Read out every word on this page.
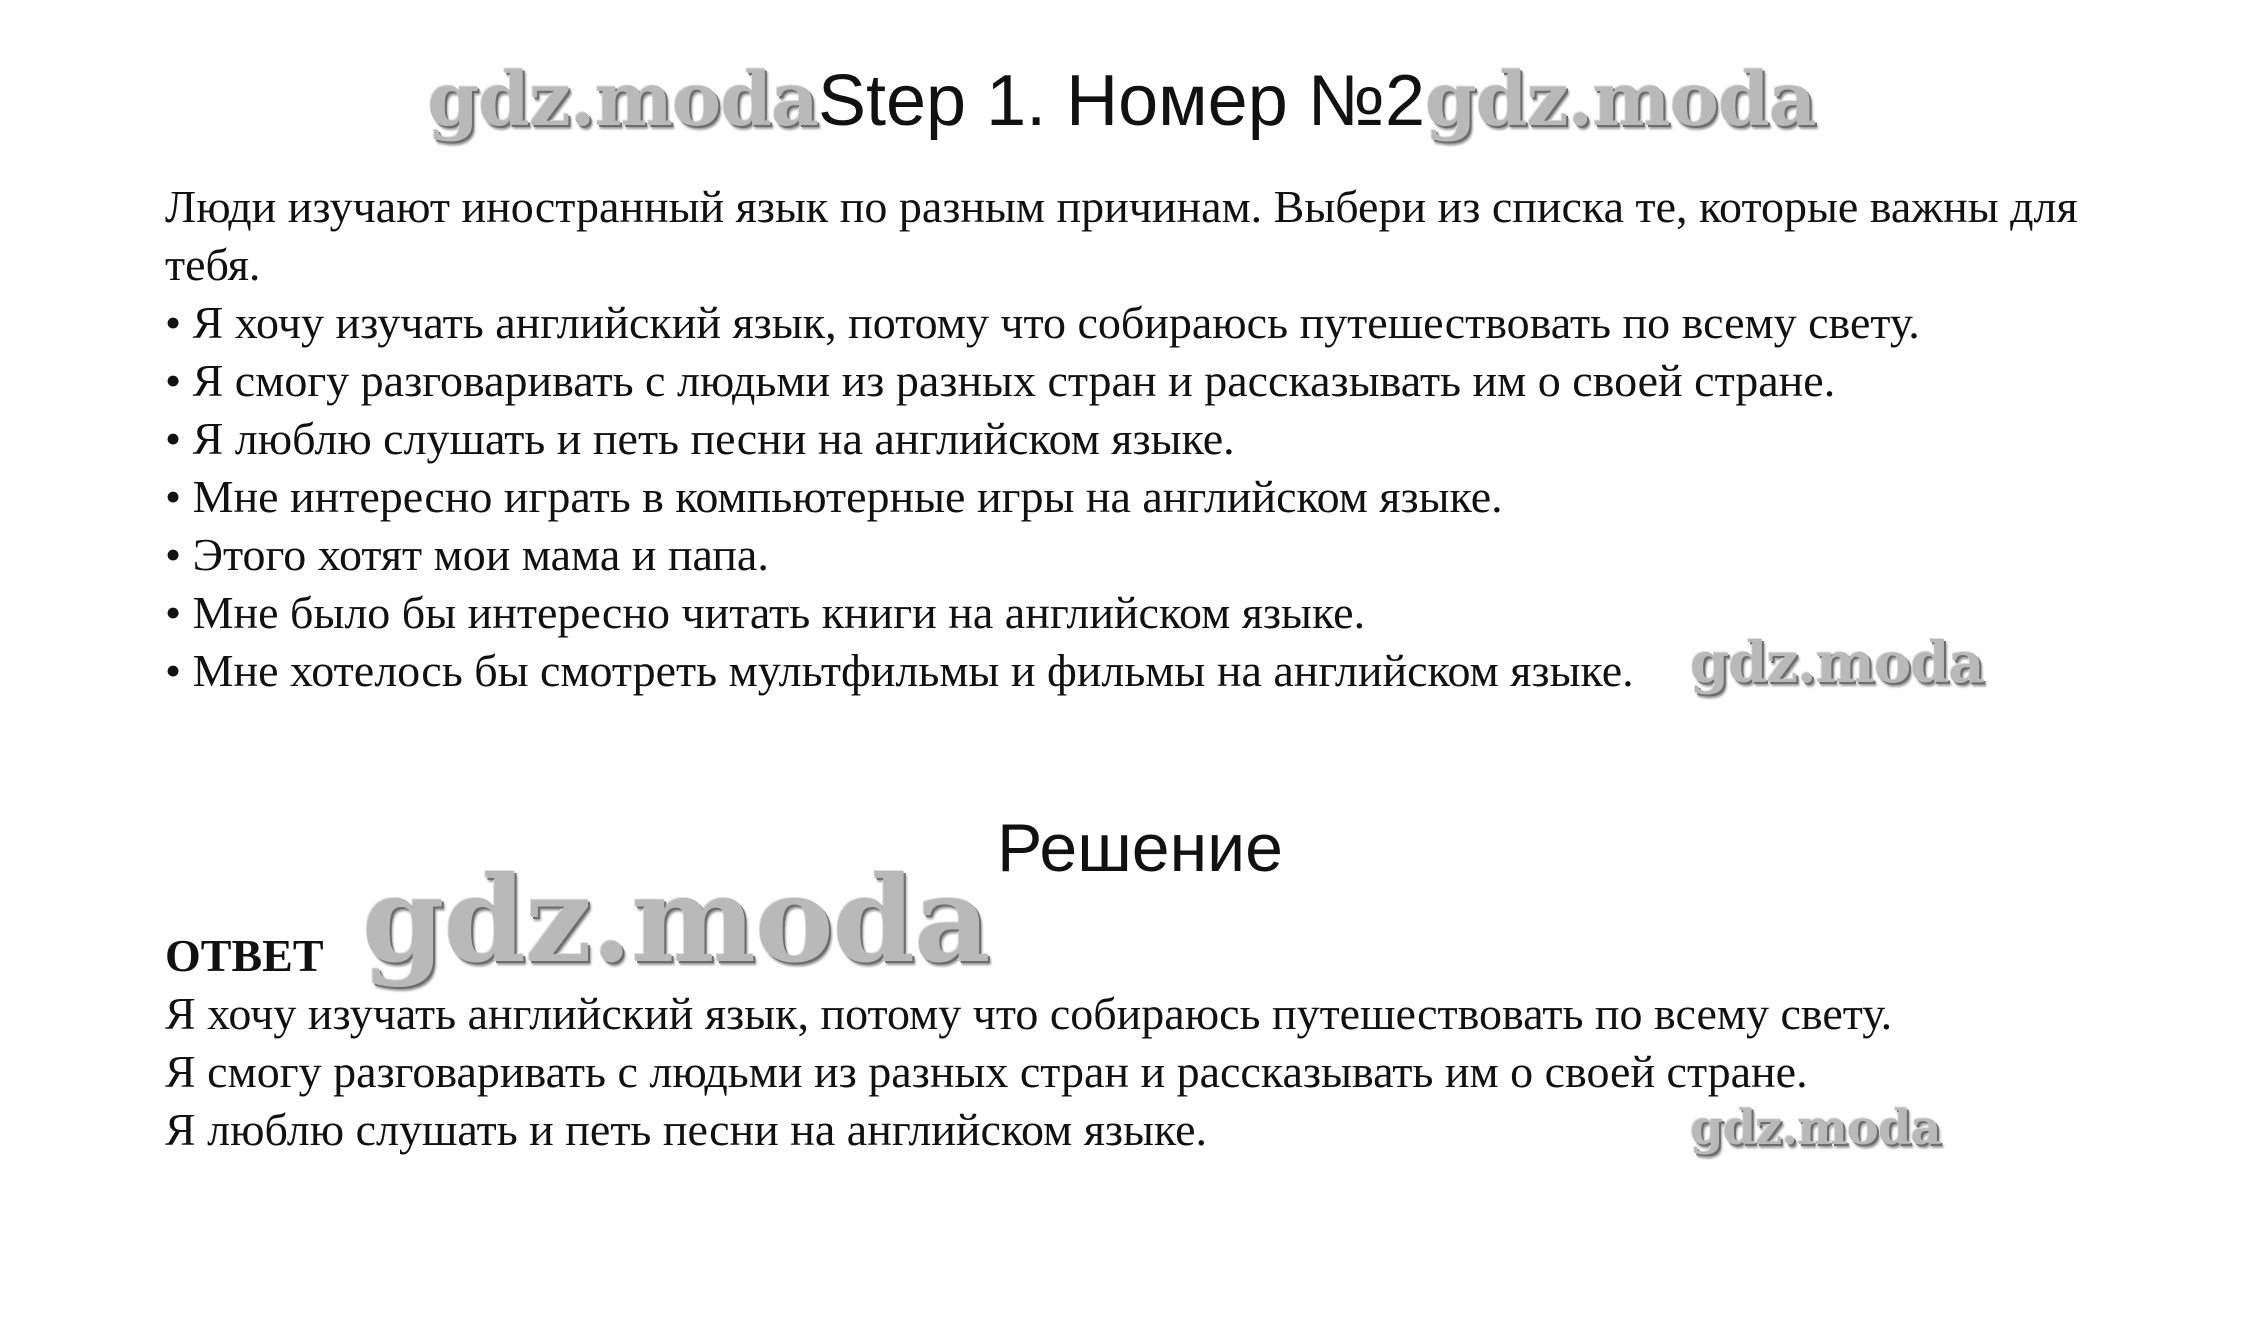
gdz.modaStep 1. Номер №2gdz.moda

Люди изучают иностранный язык по разным причинам. Выбери из списка те, которые важны для тебя.

• Я хочу изучать английский язык, потому что собираюсь путешествовать по всему свету.
• Я смогу разговаривать с людьми из разных стран и рассказывать им о своей стране.
• Я люблю слушать и петь песни на английском языке.
• Мне интересно играть в компьютерные игры на английском языке.
• Этого хотят мои мама и папа.
• Мне было бы интересно читать книги на английском языке.
• Мне хотелось бы смотреть мультфильмы и фильмы на английском языке.	gdz.moda
Решение
ОТВЕТ gdz.moda

Я хочу изучать английский язык, потому что собираюсь путешествовать по всему свету.

Я смогу разговаривать с людьми из разных стран и рассказывать им о своей стране.

Я люблю слушать и петь песни на английском языке.	gdz.moda
